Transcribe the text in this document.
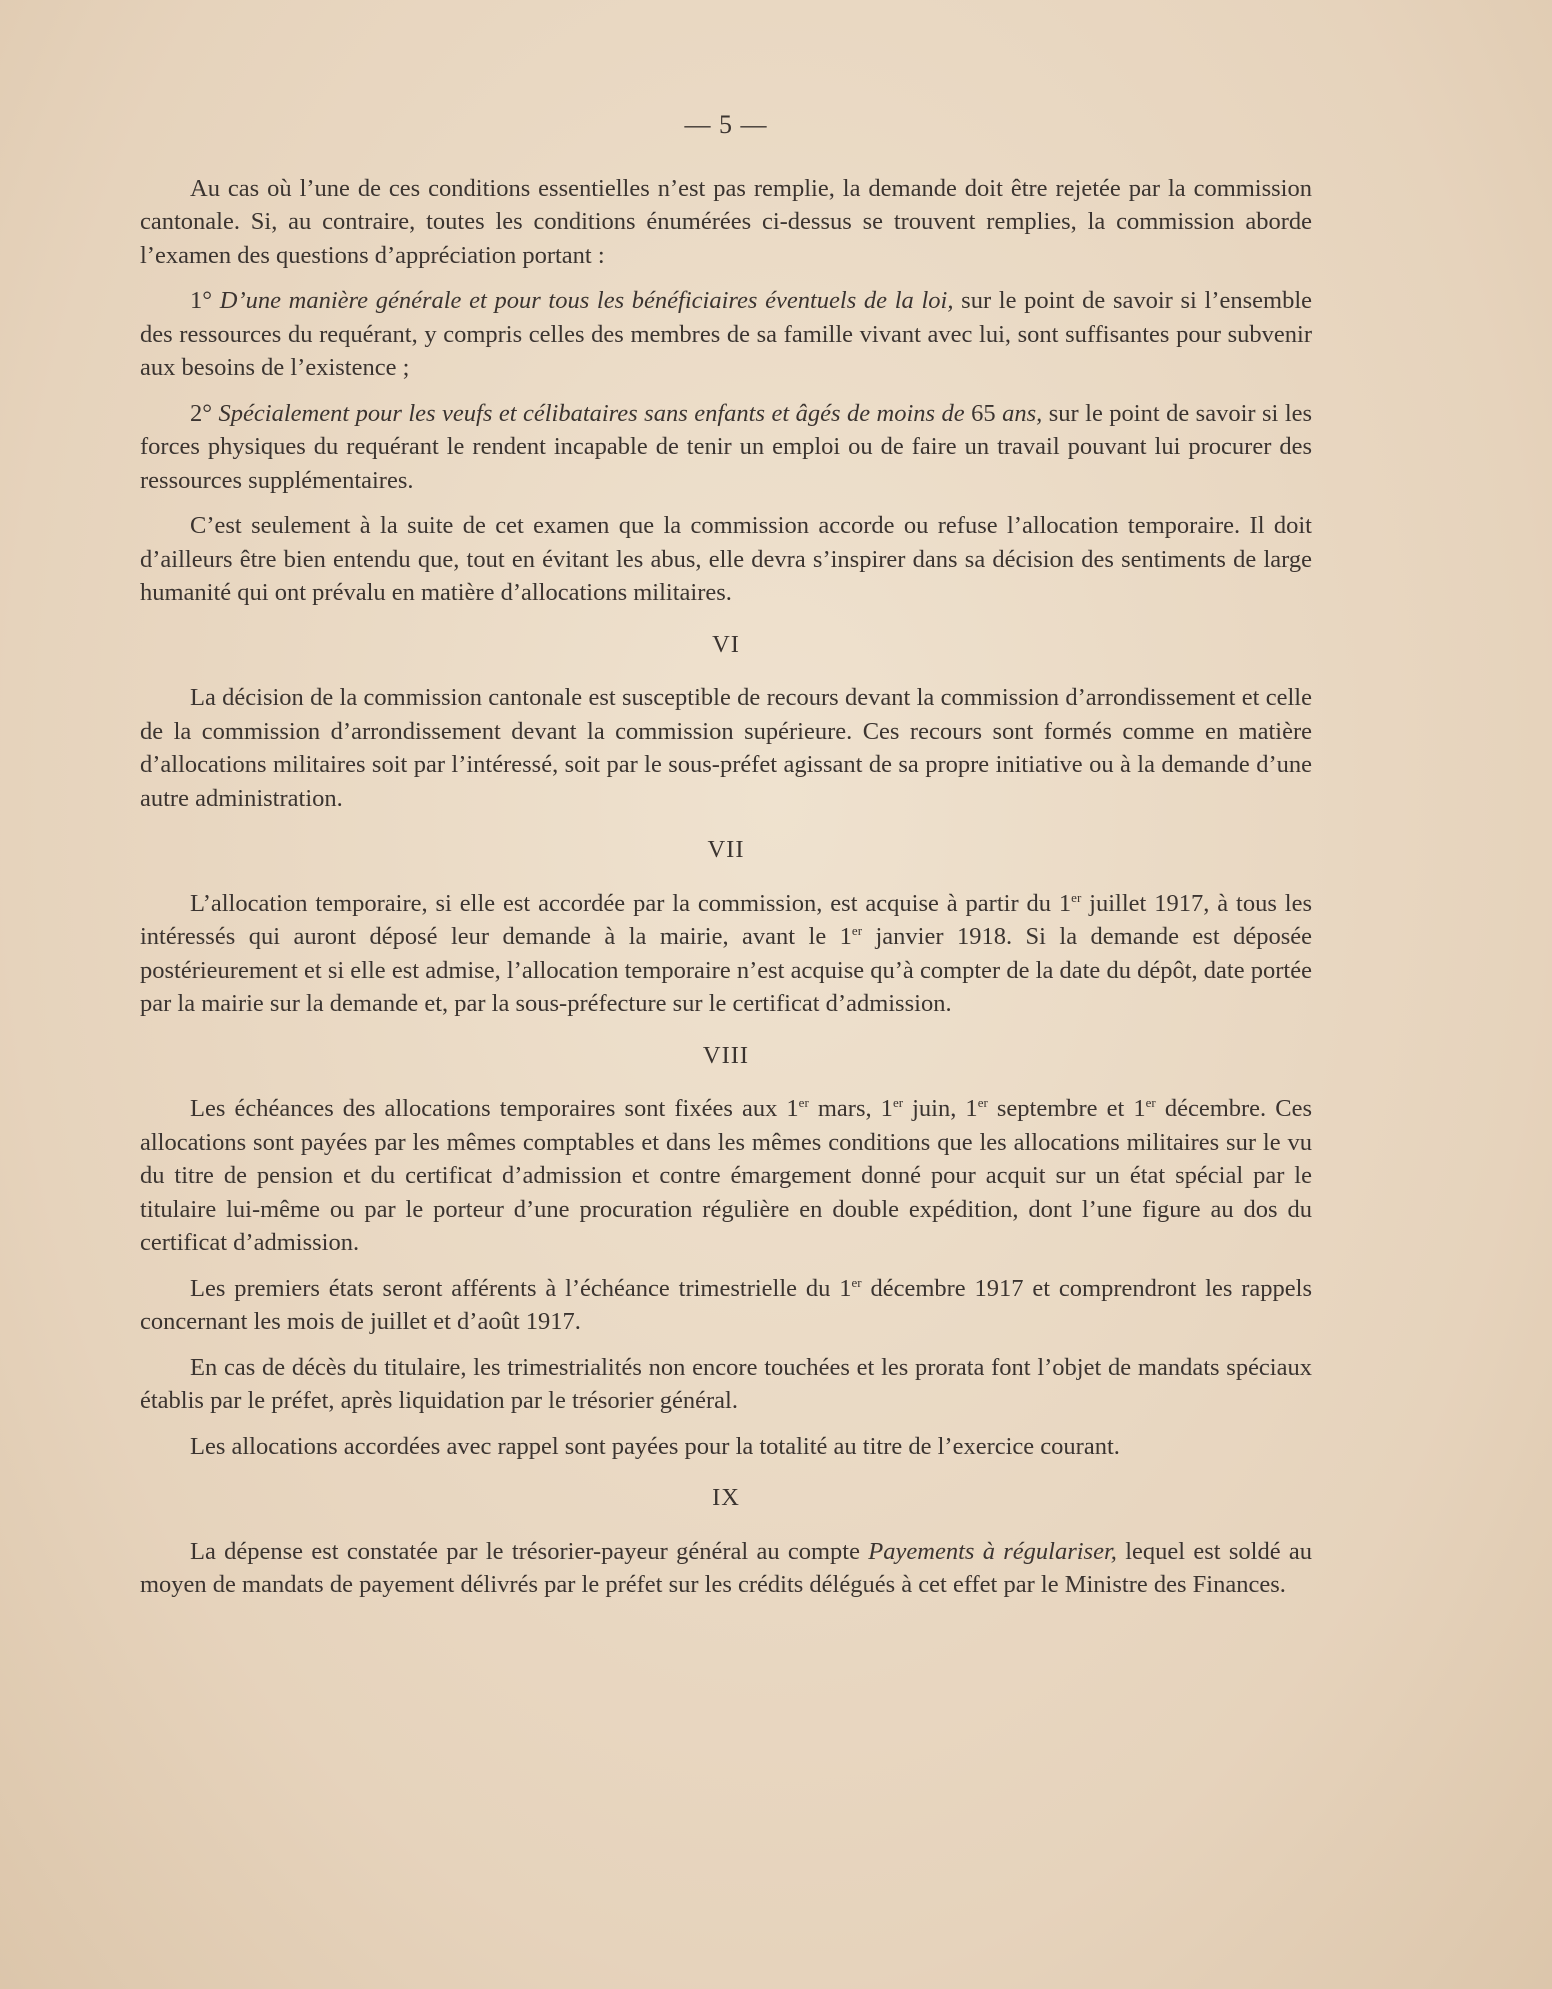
— 5 —

Au cas où l’une de ces conditions essentielles n’est pas remplie, la demande doit être rejetée par la commission cantonale. Si, au contraire, toutes les conditions énumérées ci-dessus se trouvent remplies, la commission aborde l’examen des questions d’appréciation portant :

1° D’une manière générale et pour tous les bénéficiaires éventuels de la loi, sur le point de savoir si l’ensemble des ressources du requérant, y compris celles des membres de sa famille vivant avec lui, sont suffisantes pour subvenir aux besoins de l’existence ;

2° Spécialement pour les veufs et célibataires sans enfants et âgés de moins de 65 ans, sur le point de savoir si les forces physiques du requérant le rendent incapable de tenir un emploi ou de faire un travail pouvant lui procurer des ressources supplémentaires.

C’est seulement à la suite de cet examen que la commission accorde ou refuse l’allocation temporaire. Il doit d’ailleurs être bien entendu que, tout en évitant les abus, elle devra s’inspirer dans sa décision des sentiments de large humanité qui ont prévalu en matière d’allocations militaires.

VI

La décision de la commission cantonale est susceptible de recours devant la commission d’arrondissement et celle de la commission d’arrondissement devant la commission supérieure. Ces recours sont formés comme en matière d’allocations militaires soit par l’intéressé, soit par le sous-préfet agissant de sa propre initiative ou à la demande d’une autre administration.

VII

L’allocation temporaire, si elle est accordée par la commission, est acquise à partir du 1er juillet 1917, à tous les intéressés qui auront déposé leur demande à la mairie, avant le 1er janvier 1918. Si la demande est déposée postérieurement et si elle est admise, l’allocation temporaire n’est acquise qu’à compter de la date du dépôt, date portée par la mairie sur la demande et, par la sous-préfecture sur le certificat d’admission.

VIII

Les échéances des allocations temporaires sont fixées aux 1er mars, 1er juin, 1er septembre et 1er décembre. Ces allocations sont payées par les mêmes comptables et dans les mêmes conditions que les allocations militaires sur le vu du titre de pension et du certificat d’admission et contre émargement donné pour acquit sur un état spécial par le titulaire lui-même ou par le porteur d’une procuration régulière en double expédition, dont l’une figure au dos du certificat d’admission.

Les premiers états seront afférents à l’échéance trimestrielle du 1er décembre 1917 et comprendront les rappels concernant les mois de juillet et d’août 1917.

En cas de décès du titulaire, les trimestrialités non encore touchées et les prorata font l’objet de mandats spéciaux établis par le préfet, après liquidation par le trésorier général.

Les allocations accordées avec rappel sont payées pour la totalité au titre de l’exercice courant.

IX

La dépense est constatée par le trésorier-payeur général au compte Payements à régulariser, lequel est soldé au moyen de mandats de payement délivrés par le préfet sur les crédits délégués à cet effet par le Ministre des Finances.
